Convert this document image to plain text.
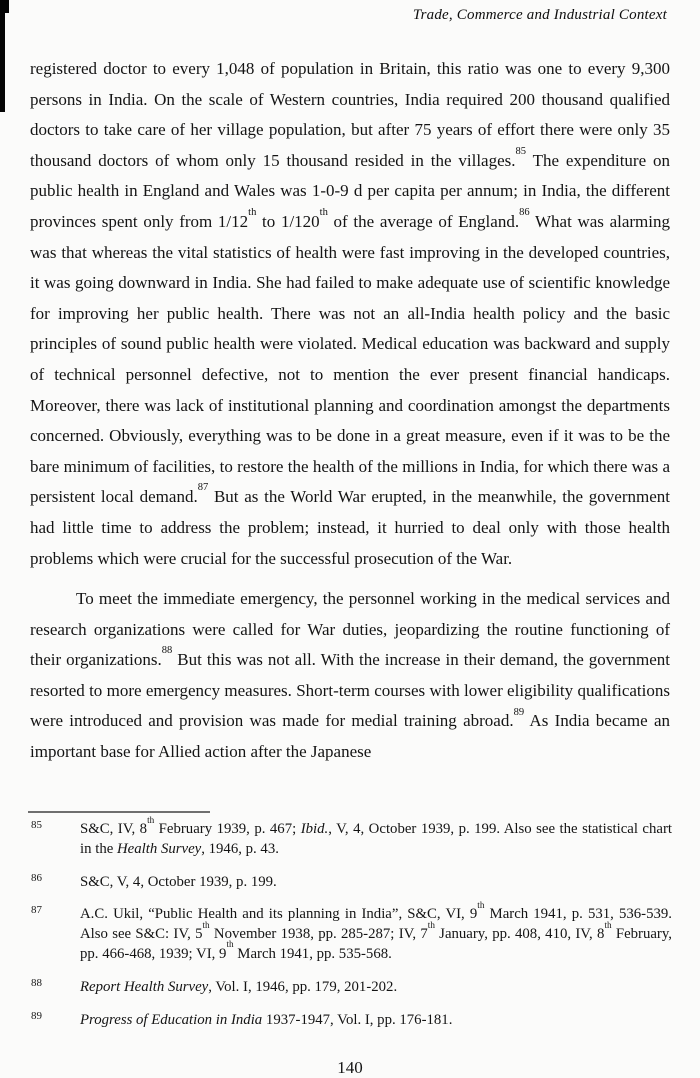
Trade, Commerce and Industrial Context

registered doctor to every 1,048 of population in Britain, this ratio was one to every 9,300 persons in India. On the scale of Western countries, India required 200 thousand qualified doctors to take care of her village population, but after 75 years of effort there were only 35 thousand doctors of whom only 15 thousand resided in the villages.$^{85}$ The expenditure on public health in England and Wales was 1-0-9 d per capita per annum; in India, the different provinces spent only from 1/12th to 1/120th of the average of England.$^{86}$ What was alarming was that whereas the vital statistics of health were fast improving in the developed countries, it was going downward in India. She had failed to make adequate use of scientific knowledge for improving her public health. There was not an all-India health policy and the basic principles of sound public health were violated. Medical education was backward and supply of technical personnel defective, not to mention the ever present financial handicaps. Moreover, there was lack of institutional planning and coordination amongst the departments concerned. Obviously, everything was to be done in a great measure, even if it was to be the bare minimum of facilities, to restore the health of the millions in India, for which there was a persistent local demand.$^{87}$ But as the World War erupted, in the meanwhile, the government had little time to address the problem; instead, it hurried to deal only with those health problems which were crucial for the successful prosecution of the War.

To meet the immediate emergency, the personnel working in the medical services and research organizations were called for War duties, jeopardizing the routine functioning of their organizations.$^{88}$ But this was not all. With the increase in their demand, the government resorted to more emergency measures. Short-term courses with lower eligibility qualifications were introduced and provision was made for medial training abroad.$^{89}$ As India became an important base for Allied action after the Japanese

85	S&C, IV, 8th February 1939, p. 467; Ibid., V, 4, October 1939, p. 199. Also see the statistical chart in the Health Survey, 1946, p. 43.
86	S&C, V, 4, October 1939, p. 199.
87	A.C. Ukil, “Public Health and its planning in India”, S&C, VI, 9th March 1941, p. 531, 536-539. Also see S&C: IV, 5th November 1938, pp. 285-287; IV, 7th January, pp. 408, 410, IV, 8th February, pp. 466-468, 1939; VI, 9th March 1941, pp. 535-568.
88	Report Health Survey, Vol. I, 1946, pp. 179, 201-202.
89	Progress of Education in India 1937-1947, Vol. I, pp. 176-181.
140
